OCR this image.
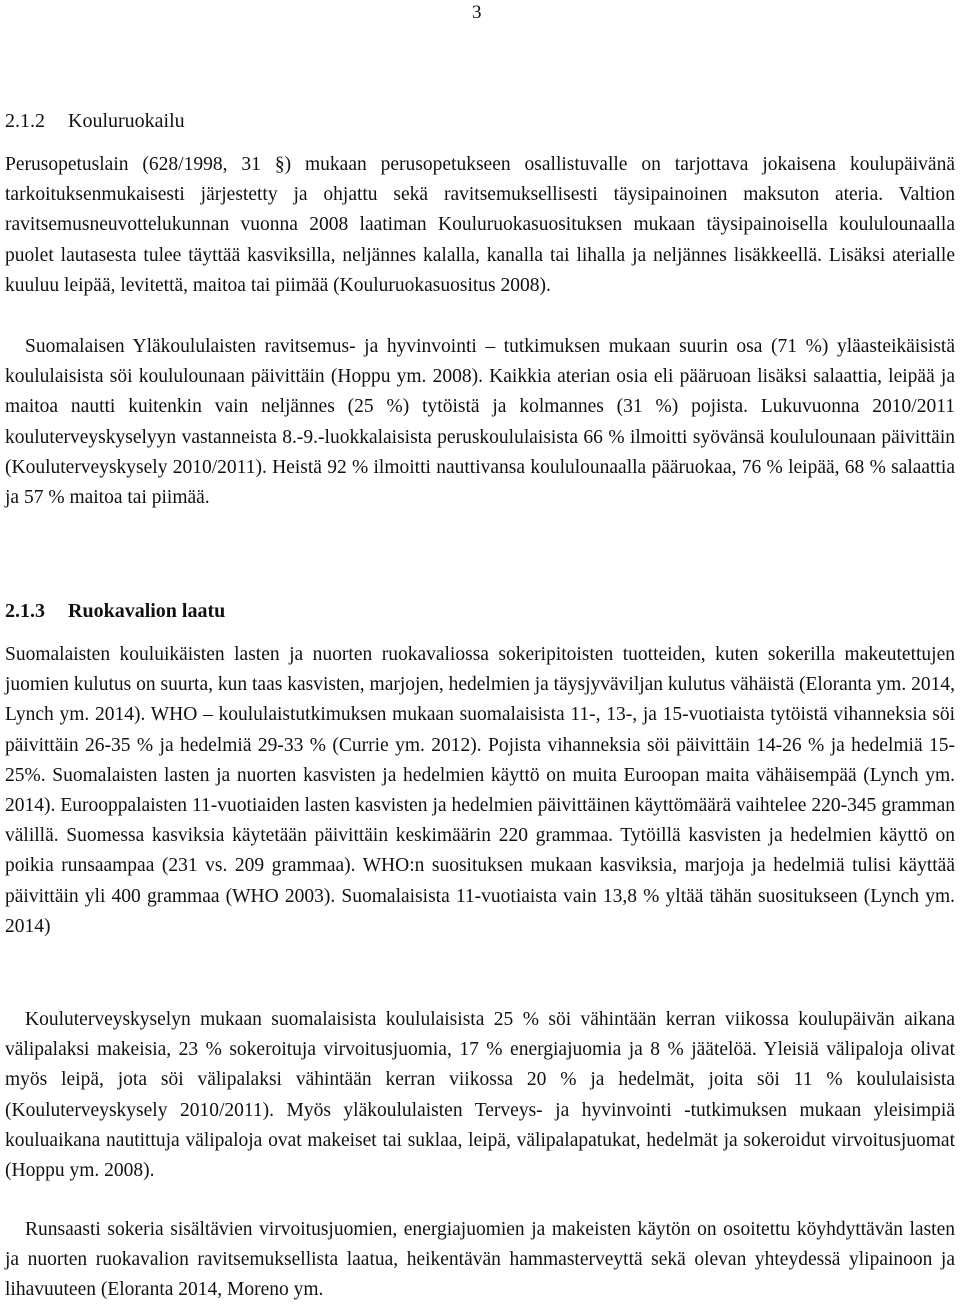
3
2.1.2 Kouluruokailu

Perusopetuslain (628/1998, 31 §) mukaan perusopetukseen osallistuvalle on tarjottava jokaisena koulupäivänä tarkoituksenmukaisesti järjestetty ja ohjattu sekä ravitsemuksellisesti täysipainoinen maksuton ateria. Valtion ravitsemusneuvottelukunnan vuonna 2008 laatiman Kouluruokasuosituksen mukaan täysipainoisella koululounaalla puolet lautasesta tulee täyttää kasviksilla, neljännes kalalla, kanalla tai lihalla ja neljännes lisäkkeellä. Lisäksi aterialle kuuluu leipää, levitettä, maitoa tai piimää (Kouluruokasuositus 2008).

Suomalaisen Yläkoululaisten ravitsemus- ja hyvinvointi – tutkimuksen mukaan suurin osa (71 %) yläasteikäisistä koululaisista söi koululounaan päivittäin (Hoppu ym. 2008). Kaikkia aterian osia eli pääruoan lisäksi salaattia, leipää ja maitoa nautti kuitenkin vain neljännes (25 %) tytöistä ja kolmannes (31 %) pojista. Lukuvuonna 2010/2011 kouluterveyskyselyyn vastanneista 8.-9.-luokkalaisista peruskoululaisista 66 % ilmoitti syövänsä koululounaan päivittäin (Kouluterveyskysely 2010/2011). Heistä 92 % ilmoitti nauttivansa koululounaalla pääruokaa, 76 % leipää, 68 % salaattia ja 57 % maitoa tai piimää.

2.1.3 Ruokavalion laatu

Suomalaisten kouluikäisten lasten ja nuorten ruokavaliossa sokeripitoisten tuotteiden, kuten sokerilla makeutettujen juomien kulutus on suurta, kun taas kasvisten, marjojen, hedelmien ja täysjyväviljan kulutus vähäistä (Eloranta ym. 2014, Lynch ym. 2014). WHO – koululaistutkimuksen mukaan suomalaisista 11-, 13-, ja 15-vuotiaista tytöistä vihanneksia söi päivittäin 26-35 % ja hedelmiä 29-33 % (Currie ym. 2012). Pojista vihanneksia söi päivittäin 14-26 % ja hedelmiä 15-25%. Suomalaisten lasten ja nuorten kasvisten ja hedelmien käyttö on muita Euroopan maita vähäisempää (Lynch ym. 2014). Eurooppalaisten 11-vuotiaiden lasten kasvisten ja hedelmien päivittäinen käyttömäärä vaihtelee 220-345 gramman välillä. Suomessa kasviksia käytetään päivittäin keskimäärin 220 grammaa. Tytöillä kasvisten ja hedelmien käyttö on poikia runsaampaa (231 vs. 209 grammaa). WHO:n suosituksen mukaan kasviksia, marjoja ja hedelmiä tulisi käyttää päivittäin yli 400 grammaa (WHO 2003). Suomalaisista 11-vuotiaista vain 13,8 % yltää tähän suositukseen (Lynch ym. 2014)

Kouluterveyskyselyn mukaan suomalaisista koululaisista 25 % söi vähintään kerran viikossa koulupäivän aikana välipalaksi makeisia, 23 % sokeroituja virvoitusjuomia, 17 % energiajuomia ja 8 % jäätelöä. Yleisiä välipaloja olivat myös leipä, jota söi välipalaksi vähintään kerran viikossa 20 % ja hedelmät, joita söi 11 % koululaisista (Kouluterveyskysely 2010/2011). Myös yläkoululaisten Terveys- ja hyvinvointi -tutkimuksen mukaan yleisimpiä kouluaikana nautittuja välipaloja ovat makeiset tai suklaa, leipä, välipalapatukat, hedelmät ja sokeroidut virvoitusjuomat (Hoppu ym. 2008).

Runsaasti sokeria sisältävien virvoitusjuomien, energiajuomien ja makeisten käytön on osoitettu köyhdyttävän lasten ja nuorten ruokavalion ravitsemuksellista laatua, heikentävän hammasterveyttä sekä olevan yhteydessä ylipainoon ja lihavuuteen (Eloranta 2014, Moreno ym.
